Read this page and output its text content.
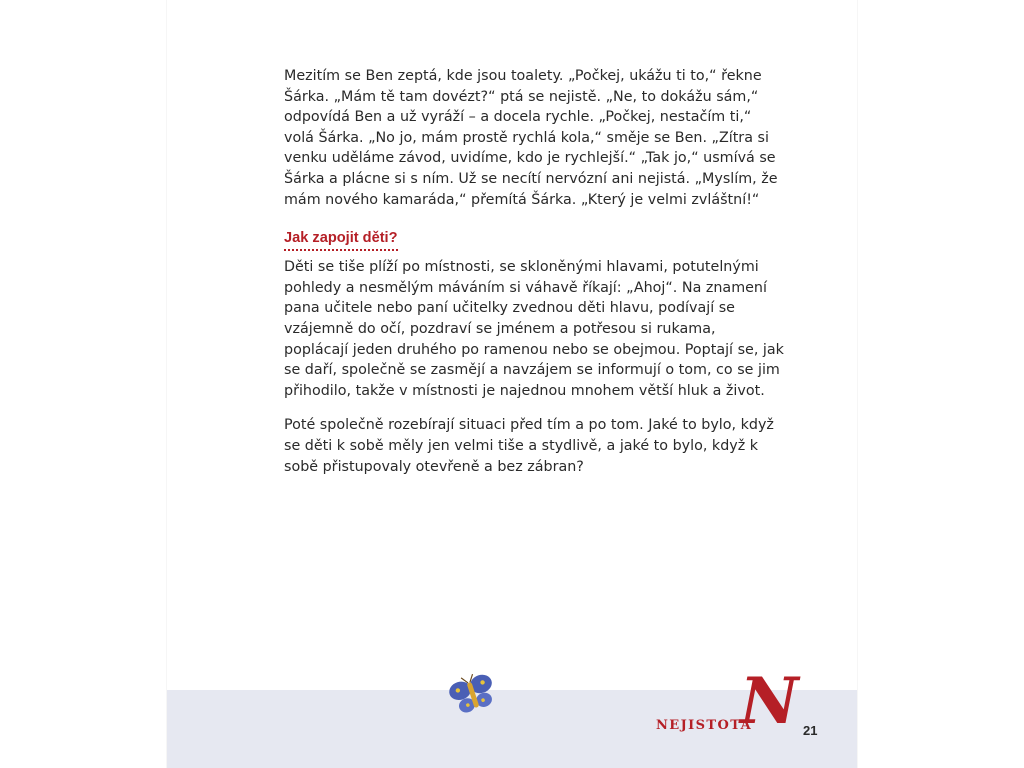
Mezitím se Ben zeptá, kde jsou toalety. „Počkej, ukážu ti to,“ řekne Šárka. „Mám tě tam dovézt?“ ptá se nejistě. „Ne, to dokážu sám,“ odpovídá Ben a už vyráží – a docela rychle. „Počkej, nestačím ti,“ volá Šárka. „No jo, mám prostě rychlá kola,“ směje se Ben. „Zítra si venku uděláme závod, uvidíme, kdo je rychlejší.“ „Tak jo,“ usmívá se Šárka a plácne si s ním. Už se necítí nervózní ani nejistá. „Myslím, že mám nového kamaráda,“ přemítá Šárka. „Který je velmi zvláštní!“

Jak zapojit děti?

Děti se tiše plíží po místnosti, se skloněnými hlavami, potutelnými pohledy a nesmělým máváním si váhavě říkají: „Ahoj“. Na znamení pana učitele nebo paní učitelky zvednou děti hlavu, podívají se vzájemně do očí, pozdraví se jménem a potřesou si rukama, poplácají jeden druhého po ramenou nebo se obejmou. Poptají se, jak se daří, společně se zasmějí a navzájem se informují o tom, co se jim přihodilo, takže v místnosti je najednou mnohem větší hluk a život.

Poté společně rozebírají situaci před tím a po tom. Jaké to bylo, když se děti k sobě měly jen velmi tiše a stydlivě, a jaké to bylo, když k sobě přistupovaly otevřeně a bez zábran?

NEJISTOTA
N 21
